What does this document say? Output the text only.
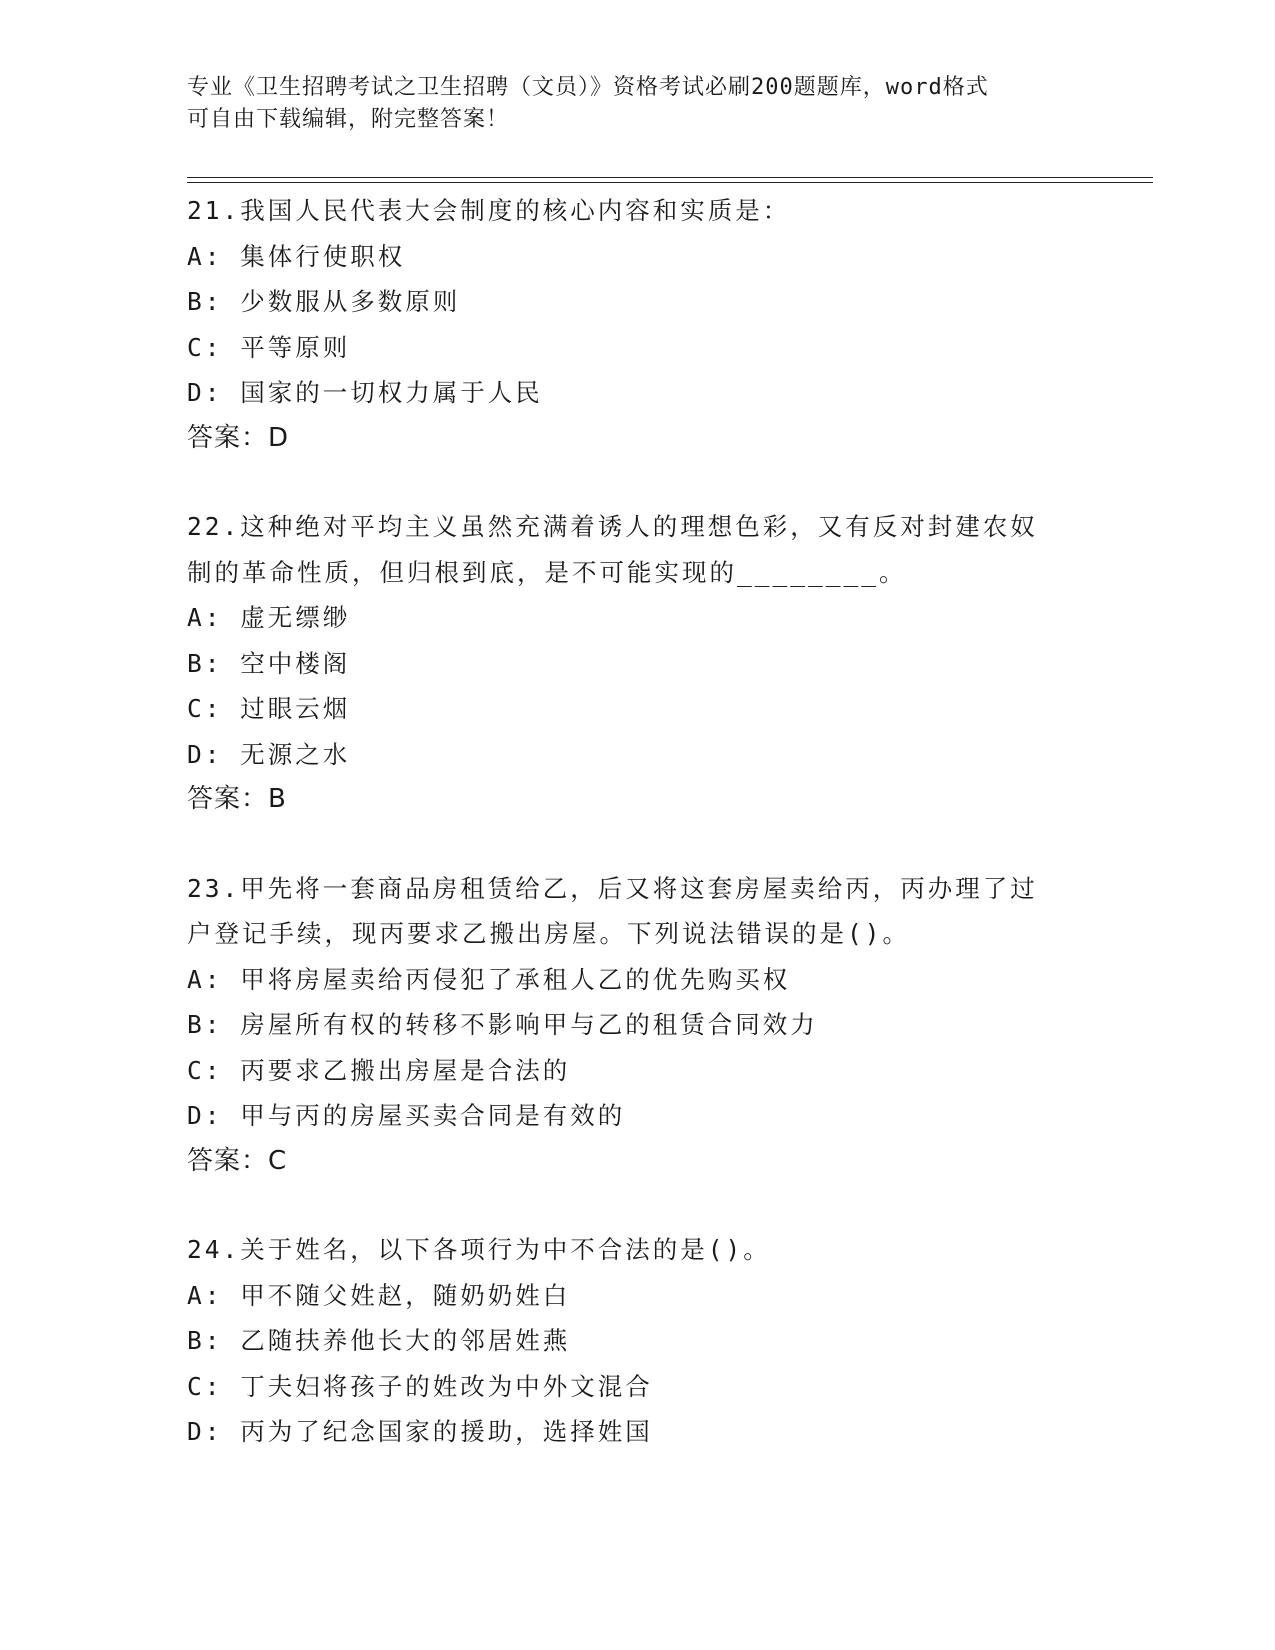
专业《卫生招聘考试之卫生招聘（文员）》资格考试必刷200题题库，word格式
可自由下载编辑，附完整答案！
21.我国人民代表大会制度的核心内容和实质是：
A: 集体行使职权
B: 少数服从多数原则
C: 平等原则
D: 国家的一切权力属于人民
答案：D
22.这种绝对平均主义虽然充满着诱人的理想色彩，又有反对封建农奴
制的革命性质，但归根到底，是不可能实现的________。
A: 虚无缥缈
B: 空中楼阁
C: 过眼云烟
D: 无源之水
答案：B
23.甲先将一套商品房租赁给乙，后又将这套房屋卖给丙，丙办理了过
户登记手续，现丙要求乙搬出房屋。下列说法错误的是()。
A: 甲将房屋卖给丙侵犯了承租人乙的优先购买权
B: 房屋所有权的转移不影响甲与乙的租赁合同效力
C: 丙要求乙搬出房屋是合法的
D: 甲与丙的房屋买卖合同是有效的
答案：C
24.关于姓名，以下各项行为中不合法的是()。
A: 甲不随父姓赵，随奶奶姓白
B: 乙随扶养他长大的邻居姓燕
C: 丁夫妇将孩子的姓改为中外文混合
D: 丙为了纪念国家的援助，选择姓国
